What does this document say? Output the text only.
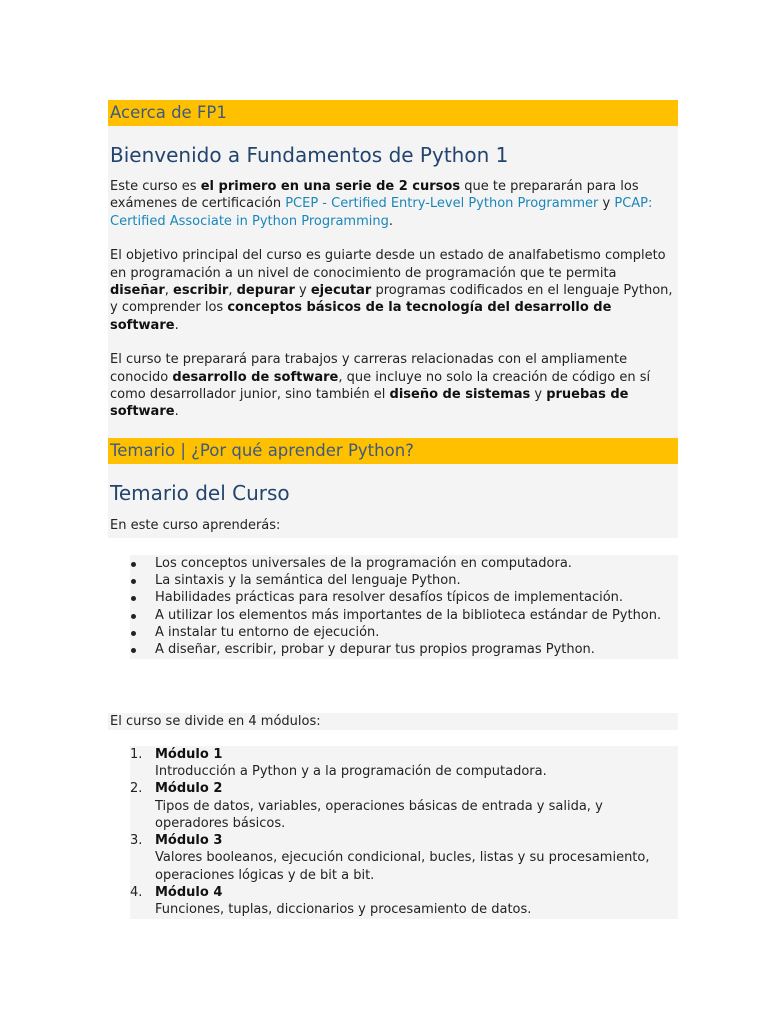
Acerca de FP1
Bienvenido a Fundamentos de Python 1

Este curso es el primero en una serie de 2 cursos que te prepararán para los exámenes de certificación PCEP - Certified Entry-Level Python Programmer y PCAP: Certified Associate in Python Programming.

El objetivo principal del curso es guiarte desde un estado de analfabetismo completo en programación a un nivel de conocimiento de programación que te permita diseñar, escribir, depurar y ejecutar programas codificados en el lenguaje Python, y comprender los conceptos básicos de la tecnología del desarrollo de software.

El curso te preparará para trabajos y carreras relacionadas con el ampliamente conocido desarrollo de software, que incluye no solo la creación de código en sí como desarrollador junior, sino también el diseño de sistemas y pruebas de software.

Temario | ¿Por qué aprender Python?
Temario del Curso
En este curso aprenderás:
Los conceptos universales de la programación en computadora.
La sintaxis y la semántica del lenguaje Python.
Habilidades prácticas para resolver desafíos típicos de implementación.
A utilizar los elementos más importantes de la biblioteca estándar de Python.
A instalar tu entorno de ejecución.
A diseñar, escribir, probar y depurar tus propios programas Python.
El curso se divide en 4 módulos:
1. Módulo 1
Introducción a Python y a la programación de computadora.
2. Módulo 2
Tipos de datos, variables, operaciones básicas de entrada y salida, y operadores básicos.
3. Módulo 3
Valores booleanos, ejecución condicional, bucles, listas y su procesamiento, operaciones lógicas y de bit a bit.
4. Módulo 4
Funciones, tuplas, diccionarios y procesamiento de datos.
